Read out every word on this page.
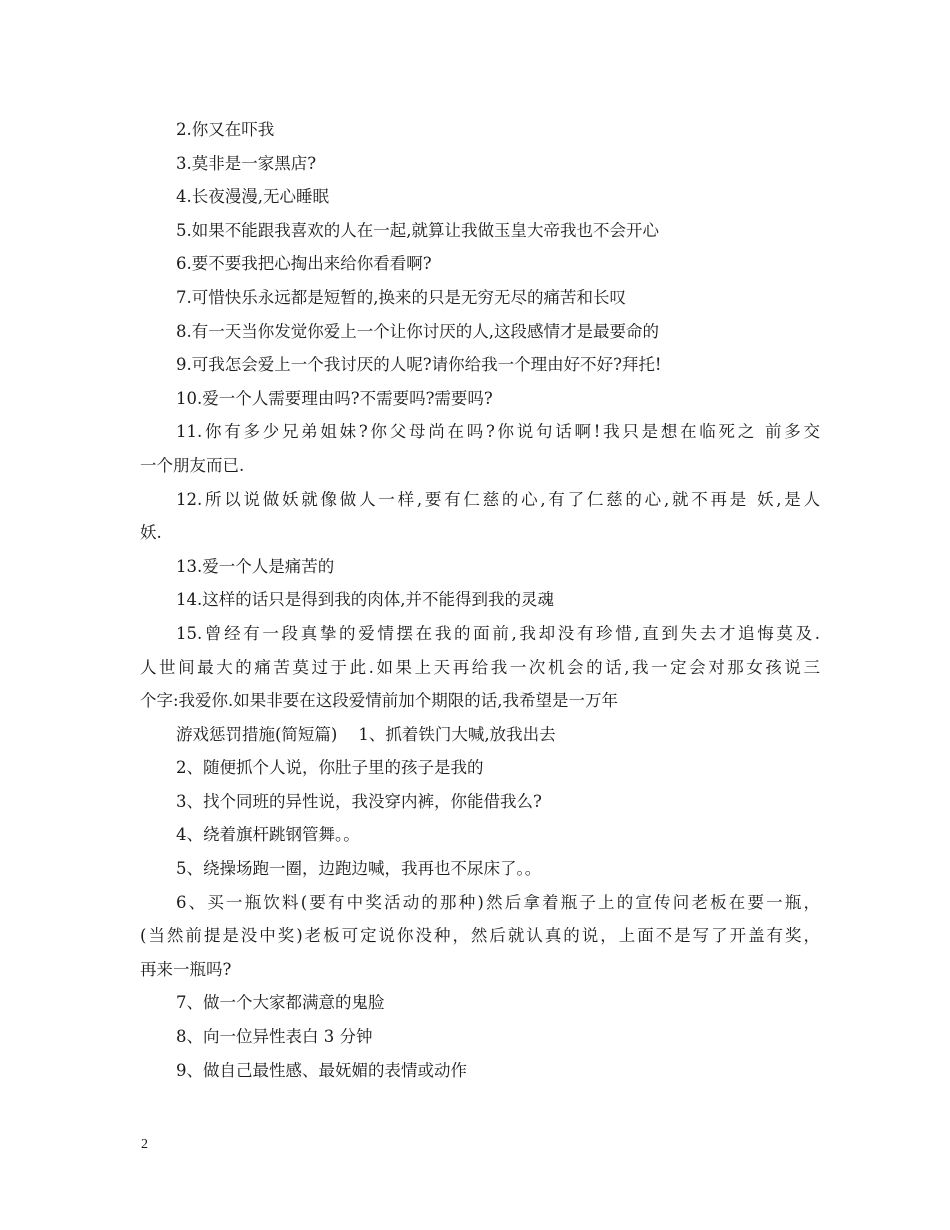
2.你又在吓我
3.莫非是一家黑店?
4.长夜漫漫,无心睡眠
5.如果不能跟我喜欢的人在一起,就算让我做玉皇大帝我也不会开心
6.要不要我把心掏出来给你看看啊?
7.可惜快乐永远都是短暂的,换来的只是无穷无尽的痛苦和长叹
8.有一天当你发觉你爱上一个让你讨厌的人,这段感情才是最要命的
9.可我怎会爱上一个我讨厌的人呢?请你给我一个理由好不好?拜托!
10.爱一个人需要理由吗?不需要吗?需要吗?
11.你有多少兄弟姐妹?你父母尚在吗?你说句话啊!我只是想在临死之 前多交
一个朋友而已.
12.所以说做妖就像做人一样,要有仁慈的心,有了仁慈的心,就不再是 妖,是人
妖.
13.爱一个人是痛苦的
14.这样的话只是得到我的肉体,并不能得到我的灵魂
15.曾经有一段真挚的爱情摆在我的面前,我却没有珍惜,直到失去才追悔莫及.
人世间最大的痛苦莫过于此.如果上天再给我一次机会的话,我一定会对那女孩说三
个字:我爱你.如果非要在这段爱情前加个期限的话,我希望是一万年
游戏惩罚措施(简短篇)    1、抓着铁门大喊,放我出去
2、随便抓个人说，你肚子里的孩子是我的
3、找个同班的异性说，我没穿内裤，你能借我么?
4、绕着旗杆跳钢管舞。。
5、绕操场跑一圈，边跑边喊，我再也不尿床了。。
6、买一瓶饮料(要有中奖活动的那种)然后拿着瓶子上的宣传问老板在要一瓶，
(当然前提是没中奖)老板可定说你没种，然后就认真的说，上面不是写了开盖有奖，
再来一瓶吗?
7、做一个大家都满意的鬼脸
8、向一位异性表白 3 分钟
9、做自己最性感、最妩媚的表情或动作
2
